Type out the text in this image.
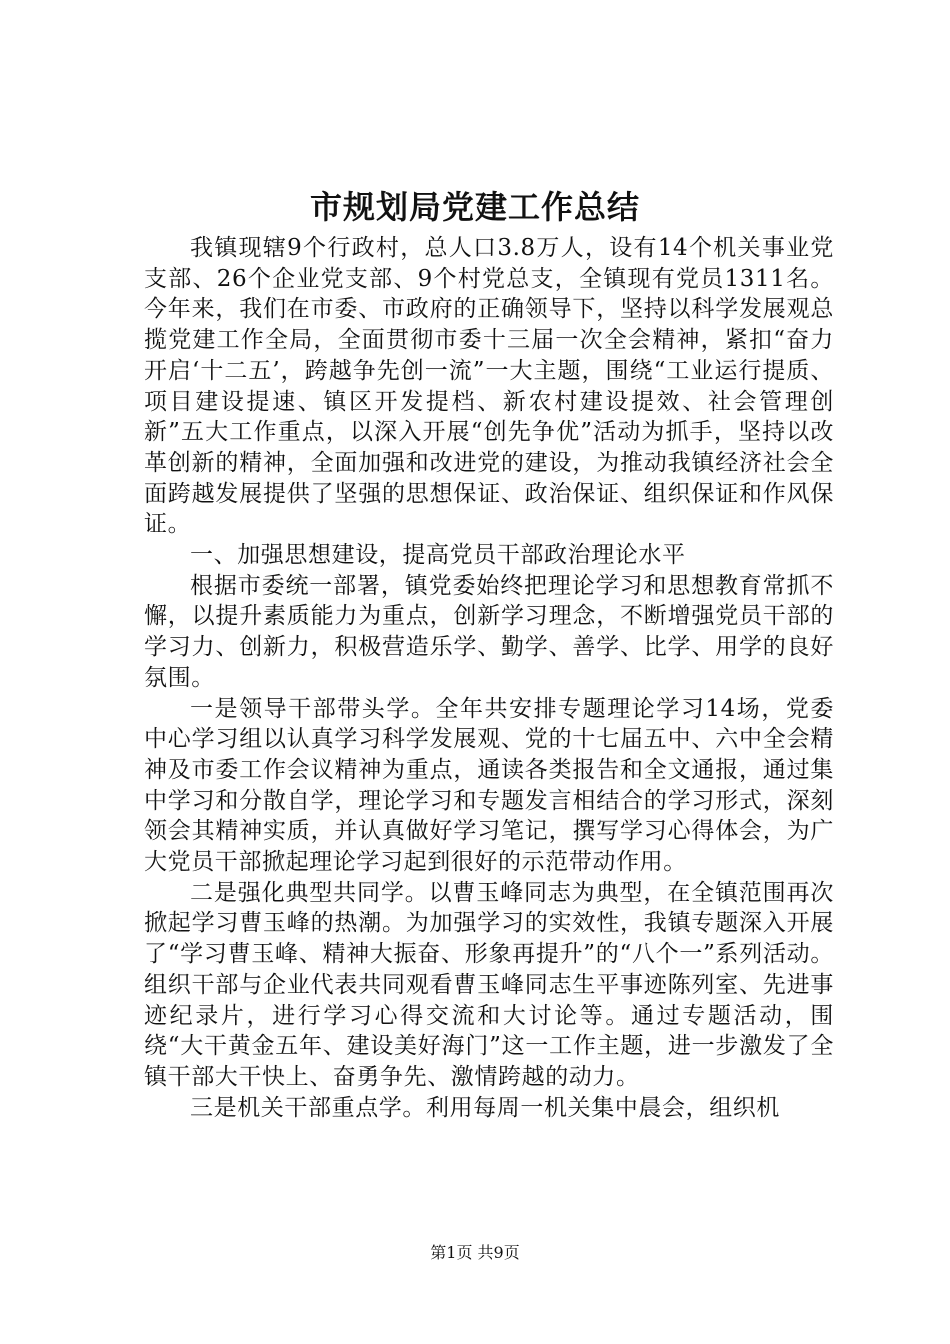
市规划局党建工作总结

我镇现辖9个行政村，总人口3.8万人，设有14个机关事业党支部、26个企业党支部、9个村党总支，全镇现有党员1311名。今年来，我们在市委、市政府的正确领导下，坚持以科学发展观总揽党建工作全局，全面贯彻市委十三届一次全会精神，紧扣“奋力开启‘十二五’，跨越争先创一流”一大主题，围绕“工业运行提质、项目建设提速、镇区开发提档、新农村建设提效、社会管理创新”五大工作重点，以深入开展“创先争优”活动为抓手，坚持以改革创新的精神，全面加强和改进党的建设，为推动我镇经济社会全面跨越发展提供了坚强的思想保证、政治保证、组织保证和作风保证。

一、加强思想建设，提高党员干部政治理论水平

根据市委统一部署，镇党委始终把理论学习和思想教育常抓不懈，以提升素质能力为重点，创新学习理念，不断增强党员干部的学习力、创新力，积极营造乐学、勤学、善学、比学、用学的良好氛围。

一是领导干部带头学。全年共安排专题理论学习14场，党委中心学习组以认真学习科学发展观、党的十七届五中、六中全会精神及市委工作会议精神为重点，通读各类报告和全文通报，通过集中学习和分散自学，理论学习和专题发言相结合的学习形式，深刻领会其精神实质，并认真做好学习笔记，撰写学习心得体会，为广大党员干部掀起理论学习起到很好的示范带动作用。

二是强化典型共同学。以曹玉峰同志为典型，在全镇范围再次掀起学习曹玉峰的热潮。为加强学习的实效性，我镇专题深入开展了“学习曹玉峰、精神大振奋、形象再提升”的“八个一”系列活动。组织干部与企业代表共同观看曹玉峰同志生平事迹陈列室、先进事迹纪录片，进行学习心得交流和大讨论等。通过专题活动，围绕“大干黄金五年、建设美好海门”这一工作主题，进一步激发了全镇干部大干快上、奋勇争先、激情跨越的动力。

三是机关干部重点学。利用每周一机关集中晨会，组织机

第1页 共9页
